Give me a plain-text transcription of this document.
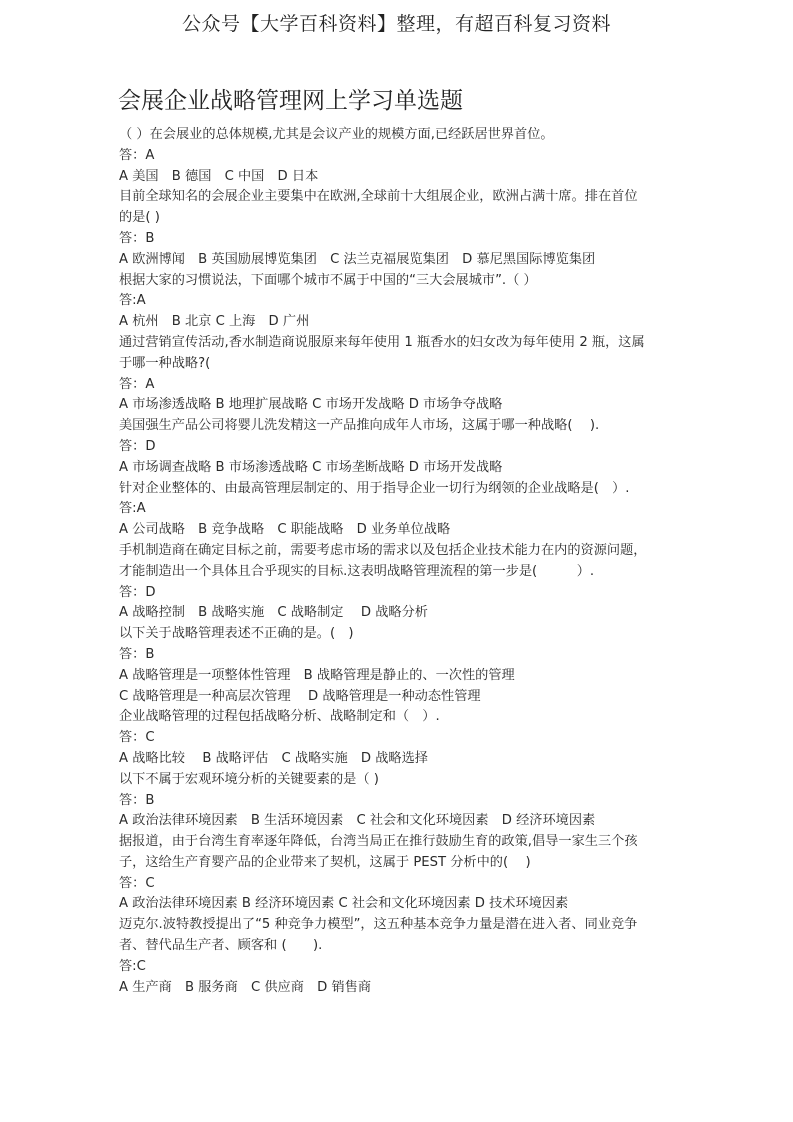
公众号【大学百科资料】整理，有超百科复习资料
会展企业战略管理网上学习单选题
（ ）在会展业的总体规模,尤其是会议产业的规模方面,已经跃居世界首位。
答：A
A 美国　B 德国　C 中国　D 日本
目前全球知名的会展企业主要集中在欧洲,全球前十大组展企业，欧洲占满十席。排在首位
的是( )
答：B
A 欧洲博闻　B 英国励展博览集团　C 法兰克福展览集团　D 慕尼黑国际博览集团
根据大家的习惯说法，下面哪个城市不属于中国的“三大会展城市”.（ ）
答:A
A 杭州　B 北京 C 上海　D 广州
通过营销宣传活动,香水制造商说服原来每年使用 1 瓶香水的妇女改为每年使用 2 瓶，这属
于哪一种战略?(
答：A
A 市场渗透战略 B 地理扩展战略 C 市场开发战略 D 市场争夺战略
美国强生产品公司将婴儿洗发精这一产品推向成年人市场，这属于哪一种战略(　 ).
答：D
A 市场调查战略 B 市场渗透战略 C 市场垄断战略 D 市场开发战略
针对企业整体的、由最高管理层制定的、用于指导企业一切行为纲领的企业战略是(　）.
答:A
A 公司战略　B 竞争战略　C 职能战略　D 业务单位战略
手机制造商在确定目标之前，需要考虑市场的需求以及包括企业技术能力在内的资源问题，
才能制造出一个具体且合乎现实的目标.这表明战略管理流程的第一步是(　　　）.
答：D
A 战略控制　B 战略实施　C 战略制定　 D 战略分析
以下关于战略管理表述不正确的是。(　)
答：B
A 战略管理是一项整体性管理　B 战略管理是静止的、一次性的管理
C 战略管理是一种高层次管理　 D 战略管理是一种动态性管理
企业战略管理的过程包括战略分析、战略制定和（　）.
答：C
A 战略比较　 B 战略评估　C 战略实施　D 战略选择
以下不属于宏观环境分析的关键要素的是（ )
答：B
A 政治法律环境因素　B 生活环境因素　C 社会和文化环境因素　D 经济环境因素
据报道，由于台湾生育率逐年降低，台湾当局正在推行鼓励生育的政策,倡导一家生三个孩
子，这给生产育婴产品的企业带来了契机，这属于 PEST 分析中的(　 )
答：C
A 政治法律环境因素 B 经济环境因素 C 社会和文化环境因素 D 技术环境因素
迈克尔.波特教授提出了“5 种竞争力模型”，这五种基本竞争力量是潜在进入者、同业竞争
者、替代品生产者、顾客和 (　　).
答:C
A 生产商　B 服务商　C 供应商　D 销售商
